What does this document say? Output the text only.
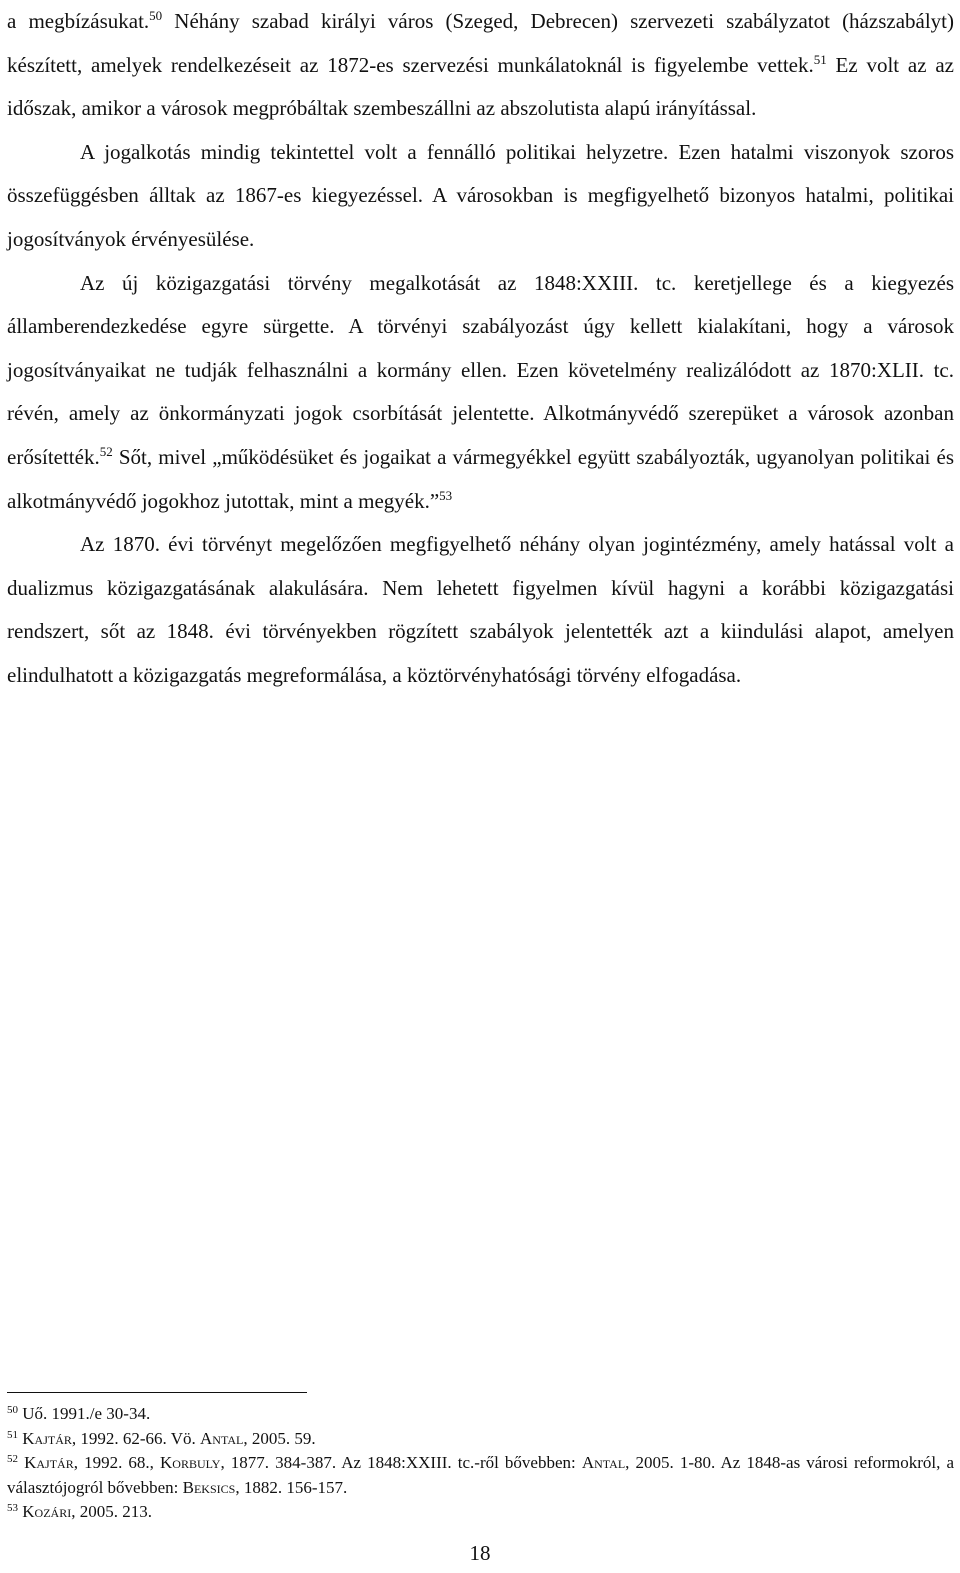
a megbízásukat.$^{50}$ Néhány szabad királyi város (Szeged, Debrecen) szervezeti szabályzatot (házszabályt) készített, amelyek rendelkezéseit az 1872-es szervezési munkálatoknál is figyelembe vettek.$^{51}$ Ez volt az az időszak, amikor a városok megpróbáltak szembeszállni az abszolutista alapú irányítással.

A jogalkotás mindig tekintettel volt a fennálló politikai helyzetre. Ezen hatalmi viszonyok szoros összefüggésben álltak az 1867-es kiegyezéssel. A városokban is megfigyelhető bizonyos hatalmi, politikai jogosítványok érvényesülése.

Az új közigazgatási törvény megalkotását az 1848:XXIII. tc. keretjellege és a kiegyezés államberendezkedése egyre sürgette. A törvényi szabályozást úgy kellett kialakítani, hogy a városok jogosítványaikat ne tudják felhasználni a kormány ellen. Ezen követelmény realizálódott az 1870:XLII. tc. révén, amely az önkormányzati jogok csorbítását jelentette. Alkotmányvédő szerepüket a városok azonban erősítették.$^{52}$ Sőt, mivel „működésüket és jogaikat a vármegyékkel együtt szabályozták, ugyanolyan politikai és alkotmányvédő jogokhoz jutottak, mint a megyék.”$^{53}$

Az 1870. évi törvényt megelőzően megfigyelhető néhány olyan jogintézmény, amely hatással volt a dualizmus közigazgatásának alakulására. Nem lehetett figyelmen kívül hagyni a korábbi közigazgatási rendszert, sőt az 1848. évi törvényekben rögzített szabályok jelentették azt a kiindulási alapot, amelyen elindulhatott a közigazgatás megreformálása, a köztörvényhatósági törvény elfogadása.

$^{50}$ Uő. 1991./e 30-34.

$^{51}$ Kajtár, 1992. 62-66. Vö. Antal, 2005. 59.

$^{52}$ Kajtár, 1992. 68., Korbuly, 1877. 384-387. Az 1848:XXIII. tc.-ről bővebben: Antal, 2005. 1-80. Az 1848-as városi reformokról, a választójogról bővebben: Beksics, 1882. 156-157.

$^{53}$ Kozári, 2005. 213.

18
